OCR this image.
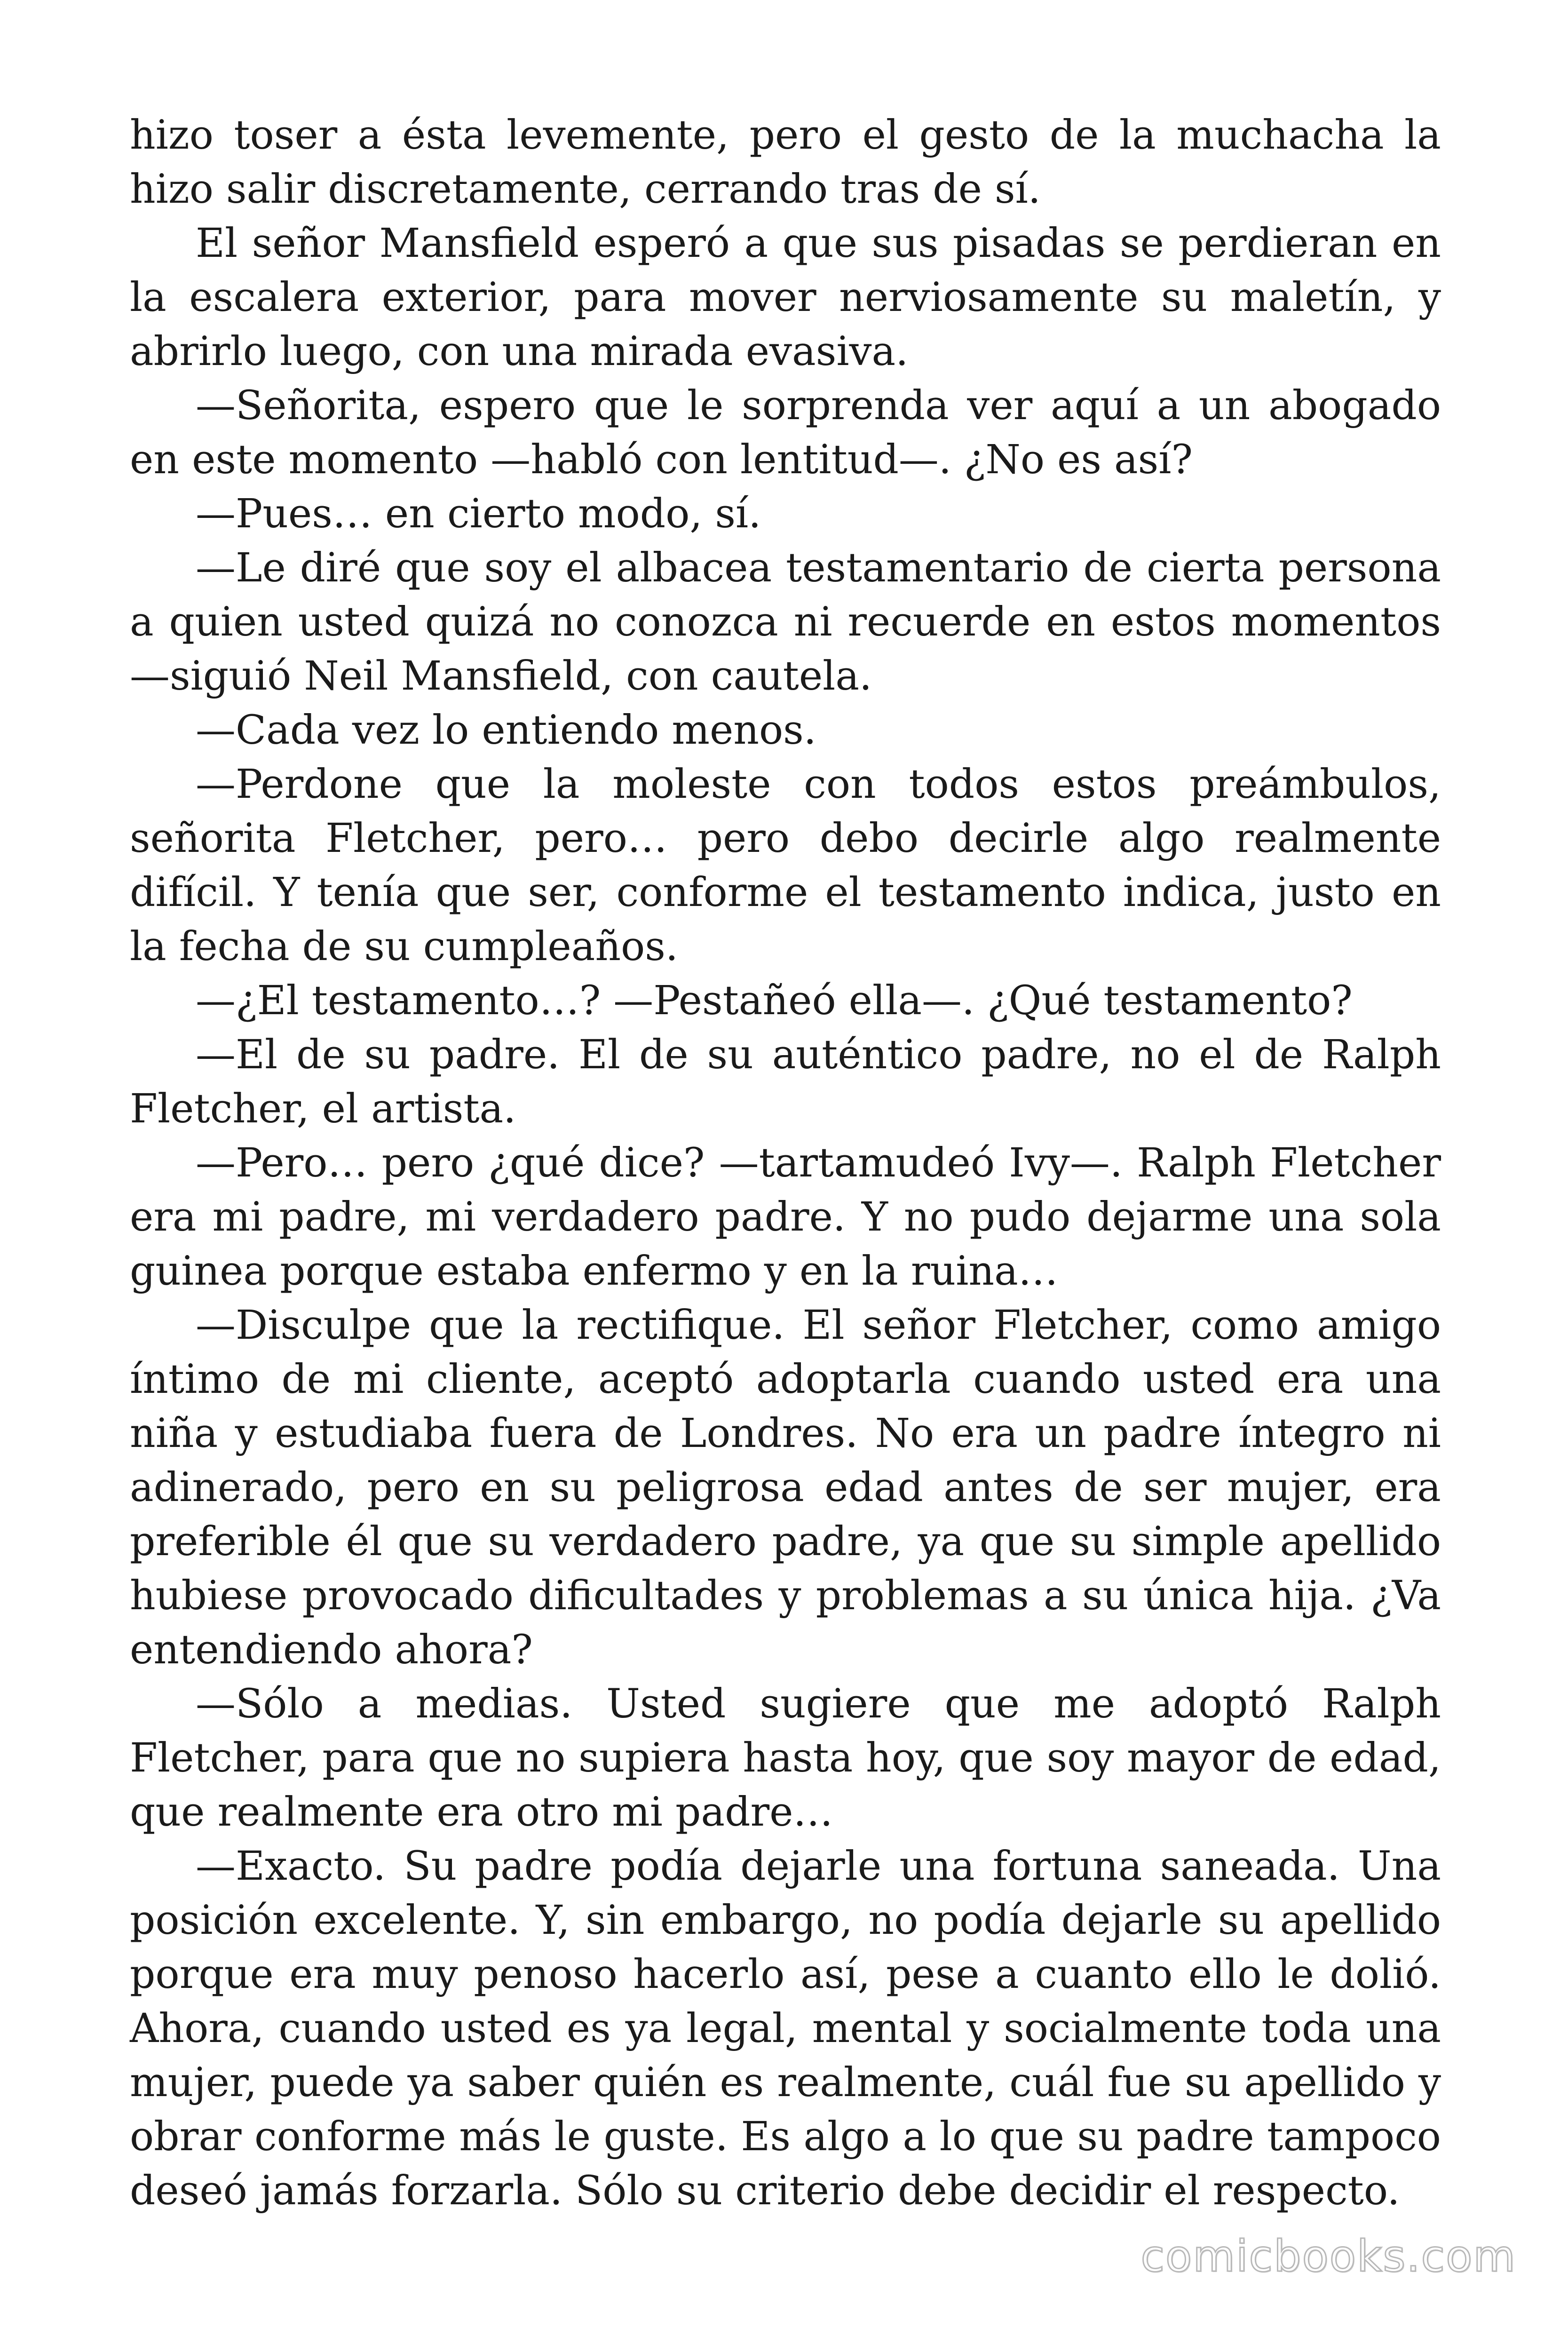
hizo toser a ésta levemente, pero el gesto de la muchacha la hizo salir discretamente, cerrando tras de sí.

El señor Mansfield esperó a que sus pisadas se perdieran en la escalera exterior, para mover nerviosamente su maletín, y abrirlo luego, con una mirada evasiva.

—Señorita, espero que le sorprenda ver aquí a un abogado en este momento —habló con lentitud—. ¿No es así?

—Pues… en cierto modo, sí.

—Le diré que soy el albacea testamentario de cierta persona a quien usted quizá no conozca ni recuerde en estos momentos —siguió Neil Mansfield, con cautela.

—Cada vez lo entiendo menos.

—Perdone que la moleste con todos estos preámbulos, señorita Fletcher, pero… pero debo decirle algo realmente difícil. Y tenía que ser, conforme el testamento indica, justo en la fecha de su cumpleaños.

—¿El testamento…? —Pestañeó ella—. ¿Qué testamento?

—El de su padre. El de su auténtico padre, no el de Ralph Fletcher, el artista.

—Pero… pero ¿qué dice? —tartamudeó Ivy—. Ralph Fletcher era mi padre, mi verdadero padre. Y no pudo dejarme una sola guinea porque estaba enfermo y en la ruina…

—Disculpe que la rectifique. El señor Fletcher, como amigo íntimo de mi cliente, aceptó adoptarla cuando usted era una niña y estudiaba fuera de Londres. No era un padre íntegro ni adinerado, pero en su peligrosa edad antes de ser mujer, era preferible él que su verdadero padre, ya que su simple apellido hubiese provocado dificultades y problemas a su única hija. ¿Va entendiendo ahora?

—Sólo a medias. Usted sugiere que me adoptó Ralph Fletcher, para que no supiera hasta hoy, que soy mayor de edad, que realmente era otro mi padre…

—Exacto. Su padre podía dejarle una fortuna saneada. Una posición excelente. Y, sin embargo, no podía dejarle su apellido porque era muy penoso hacerlo así, pese a cuanto ello le dolió. Ahora, cuando usted es ya legal, mental y socialmente toda una mujer, puede ya saber quién es realmente, cuál fue su apellido y obrar conforme más le guste. Es algo a lo que su padre tampoco deseó jamás forzarla. Sólo su criterio debe decidir el respecto.

comicbooks.com
